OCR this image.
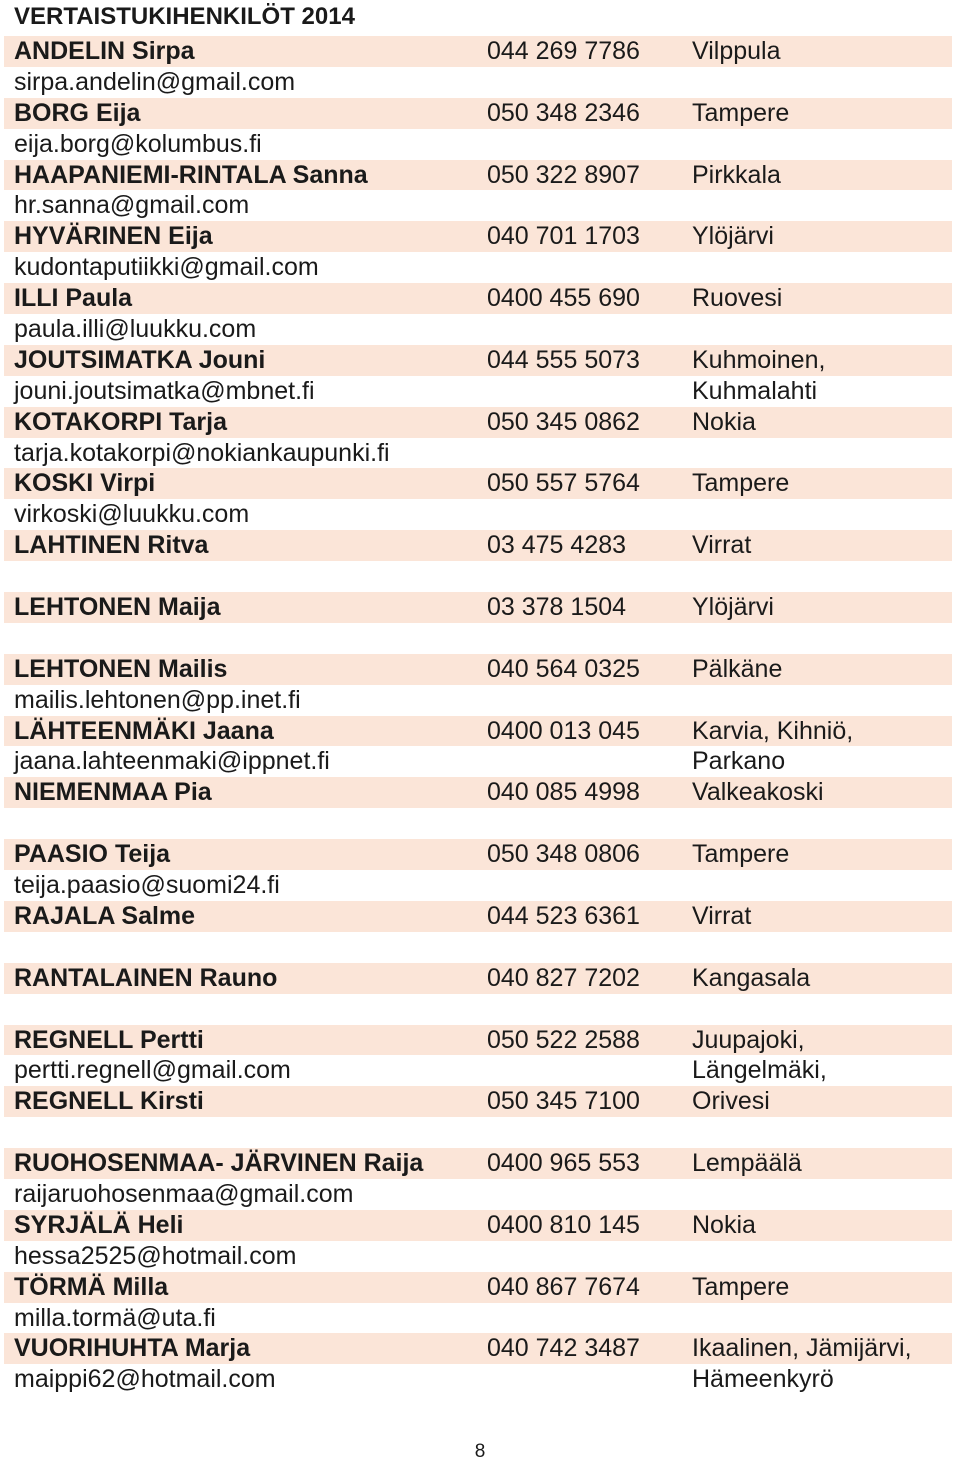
VERTAISTUKIHENKILÖT 2014
ANDELIN Sirpa	044 269 7786 Vilppula
sirpa.andelin@gmail.com
BORG Eija	050 348 2346 Tampere
eija.borg@kolumbus.fi
HAAPANIEMI-RINTALA Sanna	050 322 8907 Pirkkala
hr.sanna@gmail.com
HYVÄRINEN Eija	040 701 1703 Ylöjärvi
kudontaputiikki@gmail.com
ILLI Paula	0400 455 690 Ruovesi
paula.illi@luukku.com
JOUTSIMATKA Jouni	044 555 5073 Kuhmoinen,
jouni.joutsimatka@mbnet.fi	Kuhmalahti
KOTAKORPI Tarja	050 345 0862 Nokia
tarja.kotakorpi@nokiankaupunki.fi
KOSKI Virpi	050 557 5764 Tampere
virkoski@luukku.com
LAHTINEN Ritva	03 475 4283	Virrat
LEHTONEN Maija	03 378 1504	Ylöjärvi
LEHTONEN Mailis	040 564 0325 Pälkäne
mailis.lehtonen@pp.inet.fi
LÄHTEENMÄKI Jaana	0400 013 045 Karvia, Kihniö,
jaana.lahteenmaki@ippnet.fi	Parkano
NIEMENMAA Pia	040 085 4998 Valkeakoski
PAASIO Teija	050 348 0806 Tampere
teija.paasio@suomi24.fi
RAJALA Salme	044 523 6361 Virrat
RANTALAINEN Rauno	040 827 7202 Kangasala
REGNELL Pertti	050 522 2588 Juupajoki,
pertti.regnell@gmail.com	Längelmäki,
REGNELL Kirsti	050 345 7100 Orivesi
RUOHOSENMAA- JÄRVINEN Raija	0400 965 553 Lempäälä
raijaruohosenmaa@gmail.com
SYRJÄLÄ Heli	0400 810 145 Nokia
hessa2525@hotmail.com
TÖRMÄ Milla	040 867 7674 Tampere
milla.tormä@uta.fi
VUORIHUHTA Marja	040 742 3487 Ikaalinen, Jämijärvi,
maippi62@hotmail.com	Hämeenkyrö
8
